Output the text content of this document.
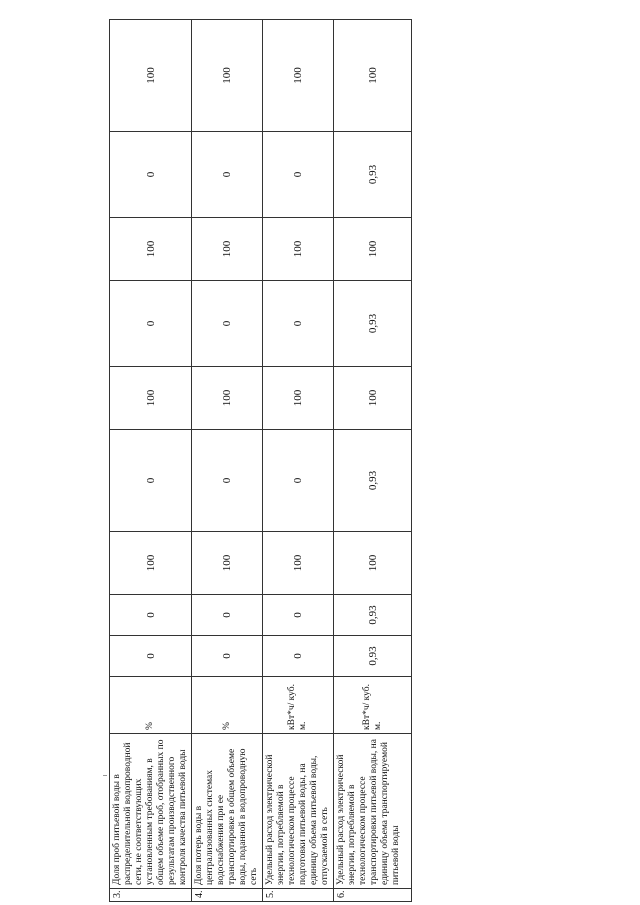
3.	Доля проб питьевой воды в распределительной водопроводной сети, не соответствующих установленным требованиям, в общем объеме проб, отобранных по результатам производственного контроля качества питьевой воды	%	0	0	100	0	100	0	100	0	100
4.	Доля потерь воды в централизованных системах водоснабжения при ее транспортировке в общем объеме воды, поданной в водопроводную сеть	%	0	0	100	0	100	0	100	0	100
5.	Удельный расход электрической энергии, потребляемой в технологическом процессе подготовки питьевой воды, на единицу объема питьевой воды, отпускаемой в сеть	кВт*ч/ куб. м.	0	0	100	0	100	0	100	0	100
6.	Удельный расход электрической энергии, потребляемой в технологическом процессе транспортировки питьевой воды, на единицу объема транспортируемой питьевой воды	кВт*ч/ куб. м.	0,93	0,93	100	0,93	100	0,93	100	0,93	100
